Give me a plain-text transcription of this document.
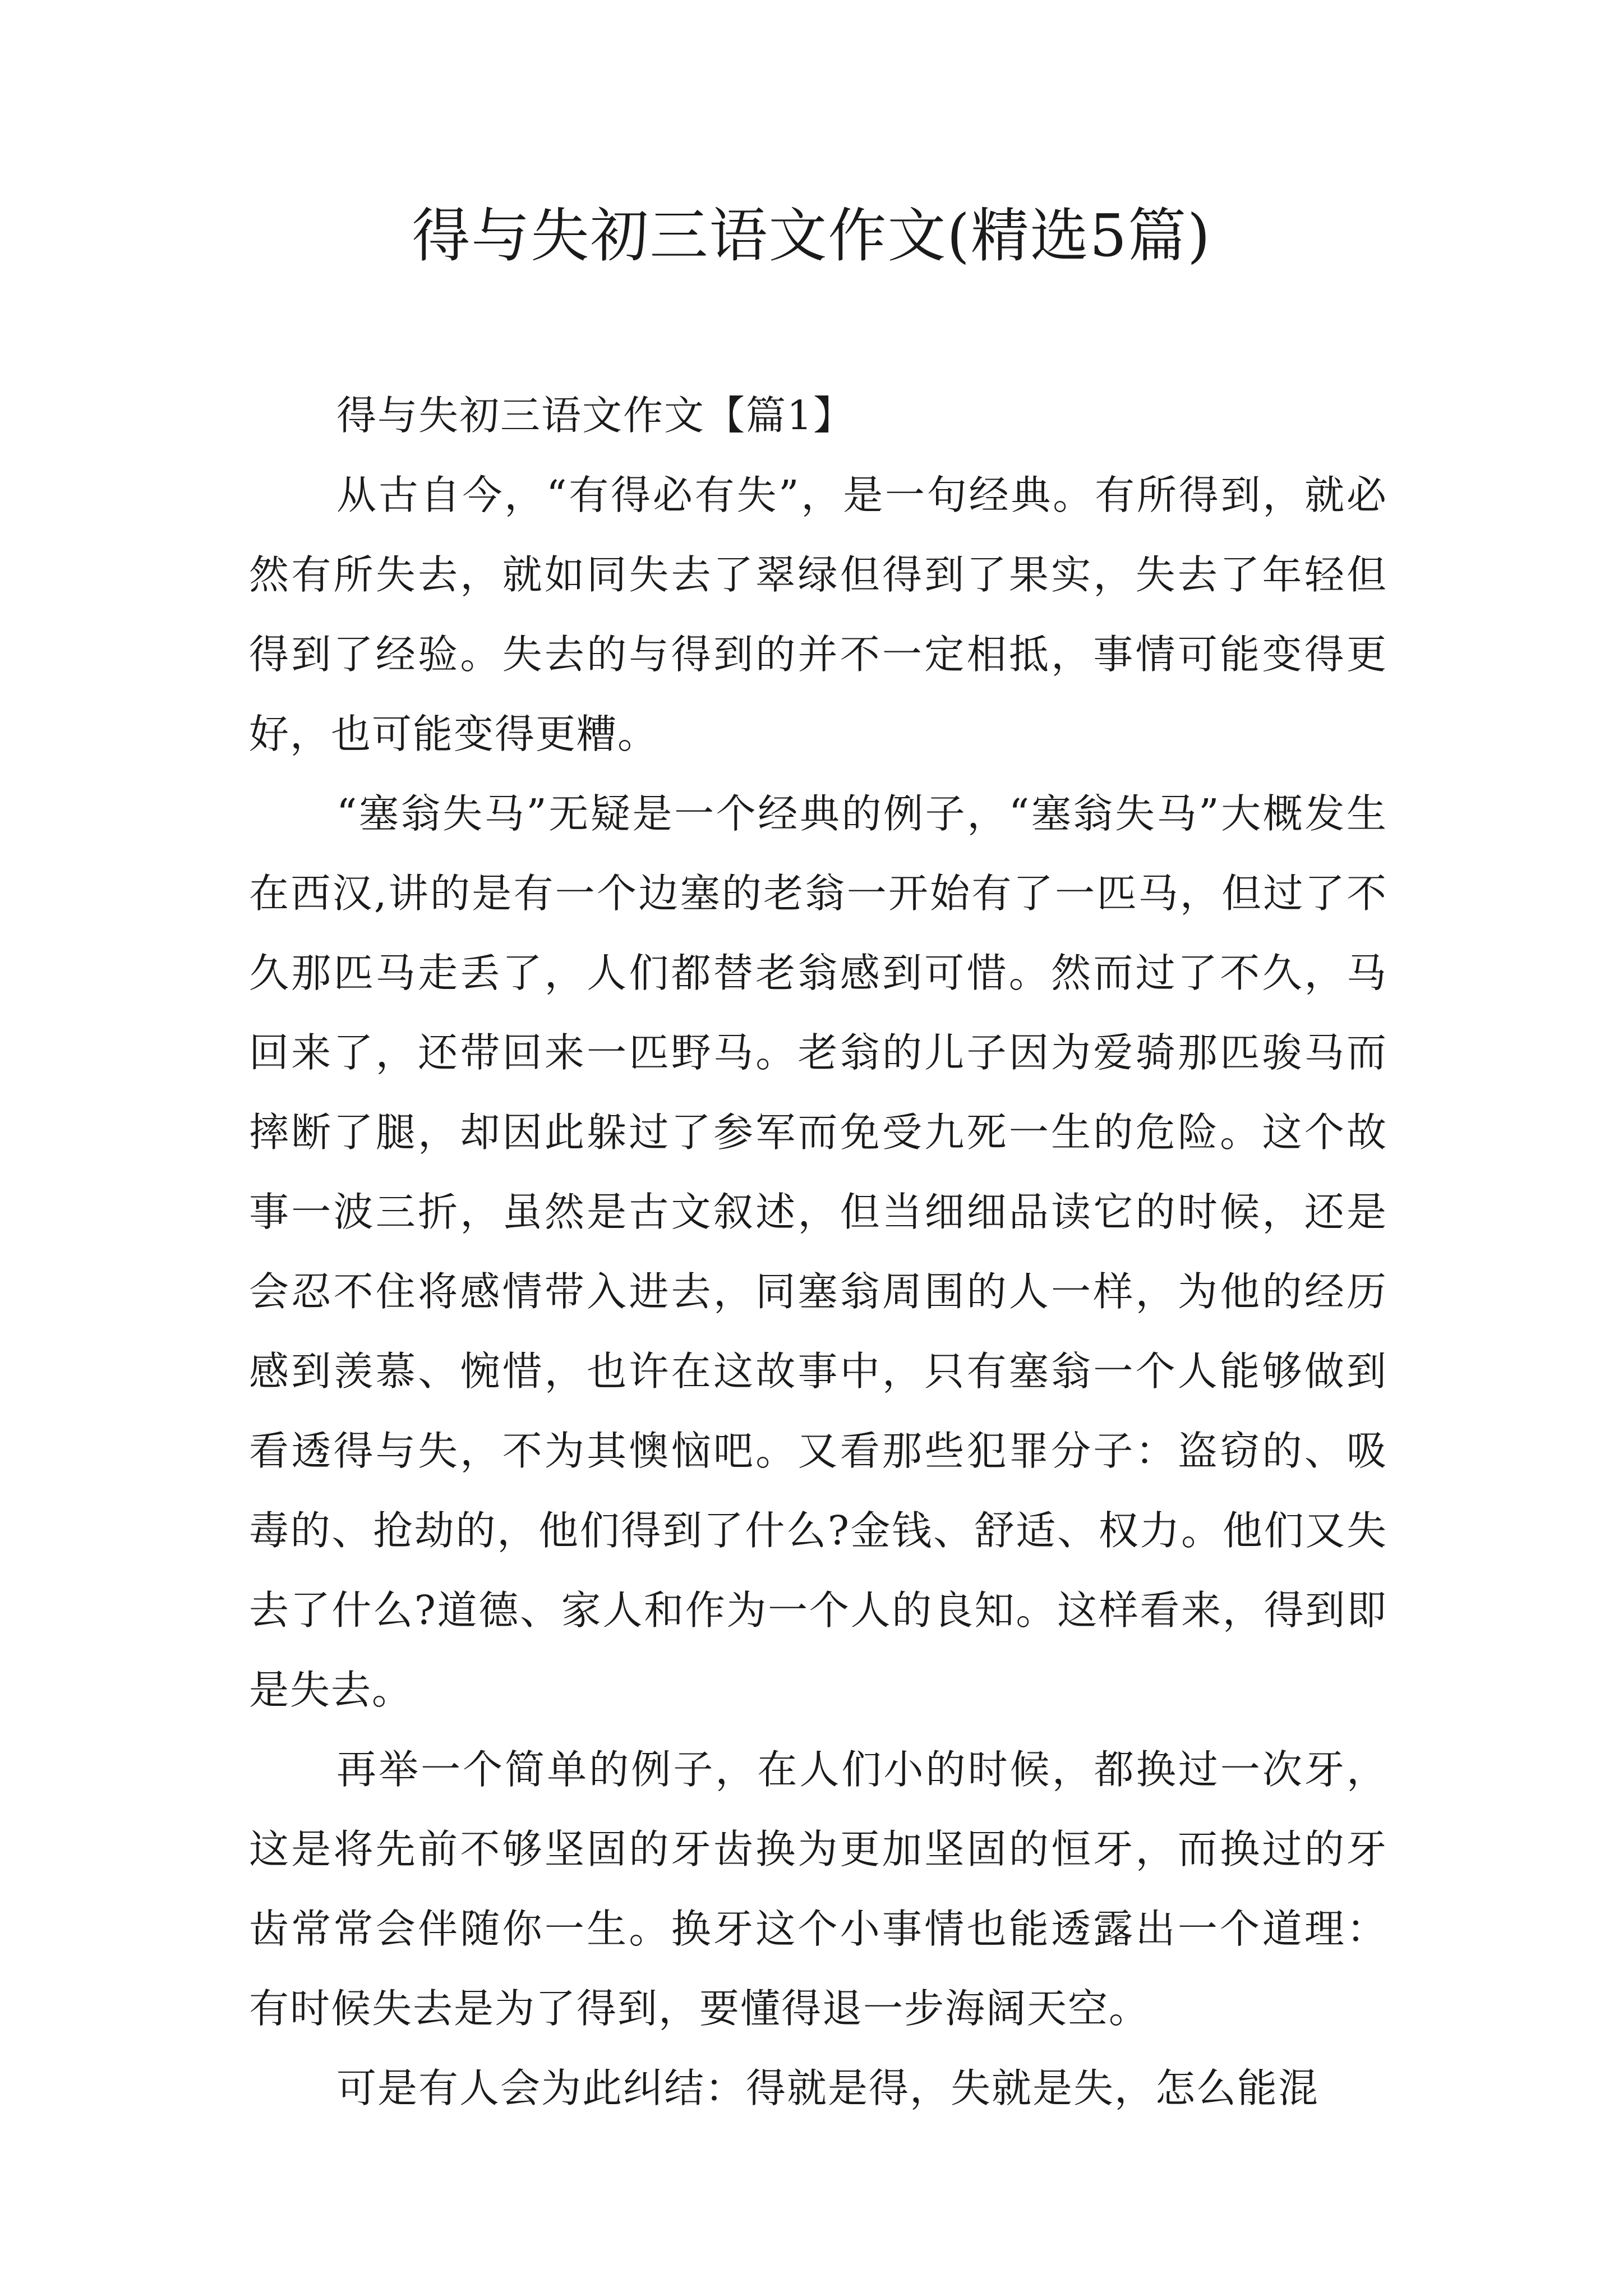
得与失初三语文作文(精选5篇)

得与失初三语文作文【篇1】

从古自今，“有得必有失”，是一句经典。有所得到，就必然有所失去，就如同失去了翠绿但得到了果实，失去了年轻但得到了经验。失去的与得到的并不一定相抵，事情可能变得更好，也可能变得更糟。

“塞翁失马”无疑是一个经典的例子，“塞翁失马”大概发生在西汉,讲的是有一个边塞的老翁一开始有了一匹马，但过了不久那匹马走丢了，人们都替老翁感到可惜。然而过了不久，马回来了，还带回来一匹野马。老翁的儿子因为爱骑那匹骏马而摔断了腿，却因此躲过了参军而免受九死一生的危险。这个故事一波三折，虽然是古文叙述，但当细细品读它的时候，还是会忍不住将感情带入进去，同塞翁周围的人一样，为他的经历感到羡慕、惋惜，也许在这故事中，只有塞翁一个人能够做到看透得与失，不为其懊恼吧。又看那些犯罪分子：盗窃的、吸毒的、抢劫的，他们得到了什么?金钱、舒适、权力。他们又失去了什么?道德、家人和作为一个人的良知。这样看来，得到即是失去。

再举一个简单的例子，在人们小的时候，都换过一次牙，这是将先前不够坚固的牙齿换为更加坚固的恒牙，而换过的牙齿常常会伴随你一生。换牙这个小事情也能透露出一个道理：有时候失去是为了得到，要懂得退一步海阔天空。

可是有人会为此纠结：得就是得，失就是失，怎么能混
